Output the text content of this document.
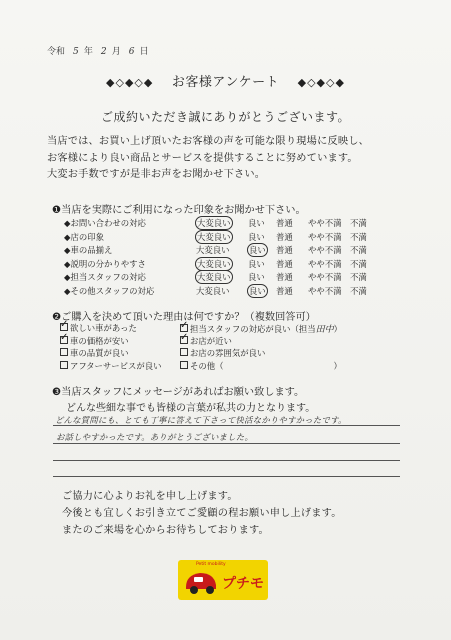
令和 5 年 2 月 6 日
◆◇◆◇◆ お客様アンケート ◆◇◆◇◆
ご成約いただき誠にありがとうございます。
当店では、お買い上げ頂いたお客様の声を可能な限り現場に反映し、
お客様により良い商品とサービスを提供することに努めています。
大変お手数ですが是非お声をお聞かせ下さい。
❶当店を実際にご利用になった印象をお聞かせ下さい。
◆お問い合わせの対応	大変良い 良い 普通 やや不満 不満
◆店の印象	大変良い 良い 普通 やや不満 不満
◆車の品揃え	大変良い 良い 普通 やや不満 不満
◆説明の分かりやすさ	大変良い 良い 普通 やや不満 不満
◆担当スタッフの対応	大変良い 良い 普通 やや不満 不満
◆その他スタッフの対応	大変良い 良い 普通 やや不満 不満
❷ご購入を決めて頂いた理由は何ですか？（複数回答可）
✓欲しい車があった ✓	担当スタッフの対応が良い（担当田中）
✓車の価格が安い ✓	お店が近い
車の品質が良い	お店の雰囲気が良い
アフターサービスが良い	その他（	）
❸当店スタッフにメッセージがあればお願い致します。
どんな些細な事でも皆様の言葉が私共の力となります。
どんな質問にも、とても丁寧に答えて下さって快活なかりやすかったです。
お話しやすかったです。ありがとうございました。
ご協力に心よりお礼を申し上げます。
今後とも宜しくお引き立てご愛顧の程お願い申し上げます。
またのご来場を心からお待ちしております。
Petit mobility
プチモ
